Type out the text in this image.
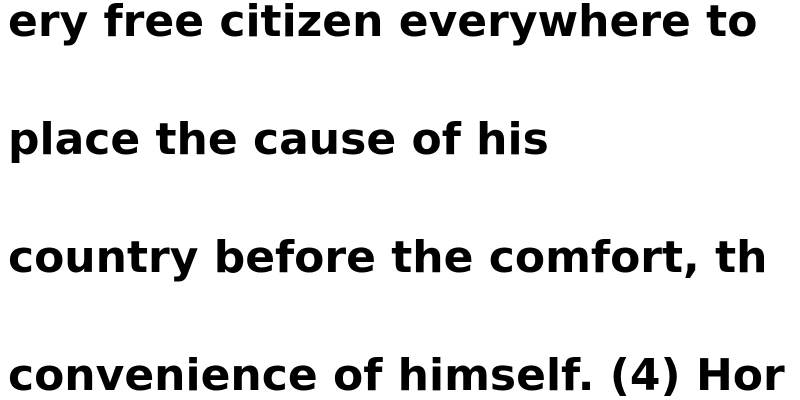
ery free citizen everywhere to

place the cause of his

country before the comfort, th

convenience of himself. (4) Hor
